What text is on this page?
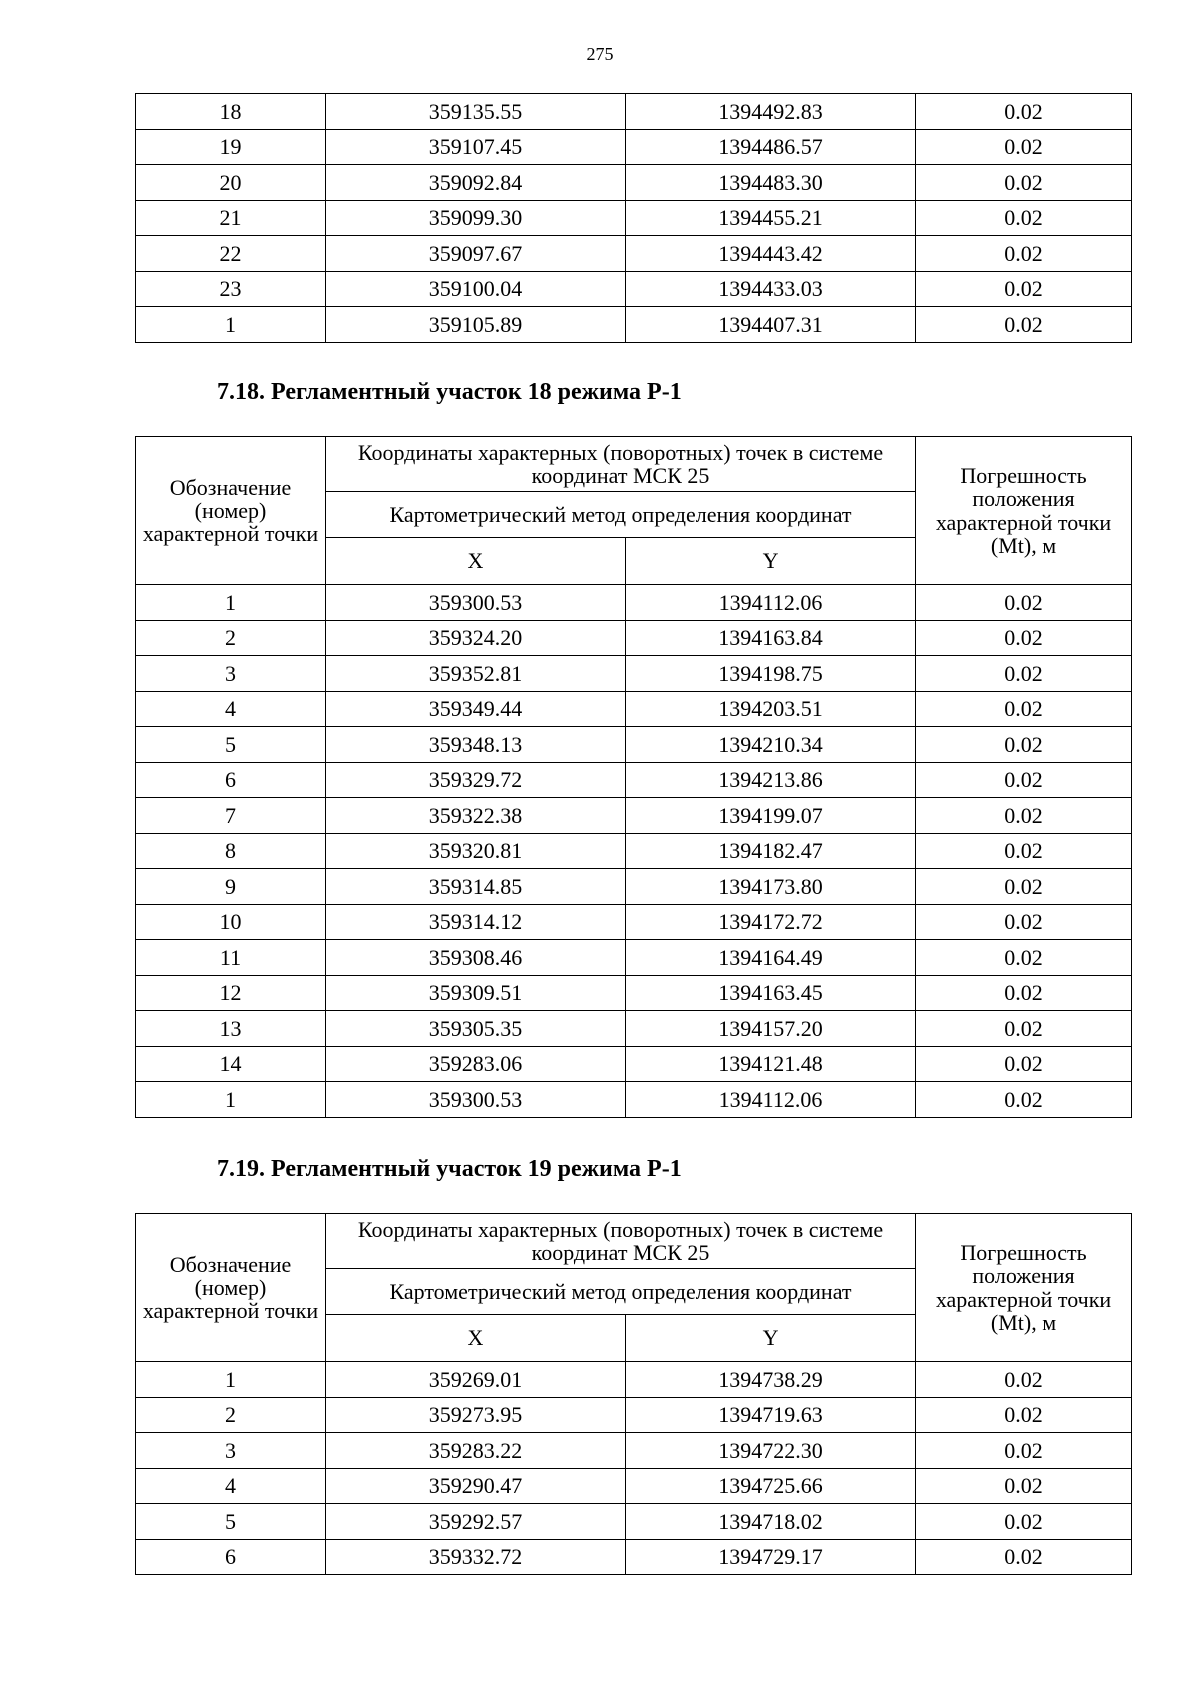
275
18	359135.55	1394492.83	0.02
19	359107.45	1394486.57	0.02
20	359092.84	1394483.30	0.02
21	359099.30	1394455.21	0.02
22	359097.67	1394443.42	0.02
23	359100.04	1394433.03	0.02
1	359105.89	1394407.31	0.02
7.18. Регламентный участок 18 режима Р-1
Обозначение (номер) характерной точки	Координаты характерных (поворотных) точек в системе координат МСК 25		Погрешность положения характерной точки (Mt), м
	Картометрический метод определения координат		
	X	Y	
1	359300.53	1394112.06	0.02
2	359324.20	1394163.84	0.02
3	359352.81	1394198.75	0.02
4	359349.44	1394203.51	0.02
5	359348.13	1394210.34	0.02
6	359329.72	1394213.86	0.02
7	359322.38	1394199.07	0.02
8	359320.81	1394182.47	0.02
9	359314.85	1394173.80	0.02
10	359314.12	1394172.72	0.02
11	359308.46	1394164.49	0.02
12	359309.51	1394163.45	0.02
13	359305.35	1394157.20	0.02
14	359283.06	1394121.48	0.02
1	359300.53	1394112.06	0.02
7.19. Регламентный участок 19 режима Р-1
Обозначение (номер) характерной точки	Координаты характерных (поворотных) точек в системе координат МСК 25		Погрешность положения характерной точки (Mt), м
	Картометрический метод определения координат		
	X	Y	
1	359269.01	1394738.29	0.02
2	359273.95	1394719.63	0.02
3	359283.22	1394722.30	0.02
4	359290.47	1394725.66	0.02
5	359292.57	1394718.02	0.02
6	359332.72	1394729.17	0.02
